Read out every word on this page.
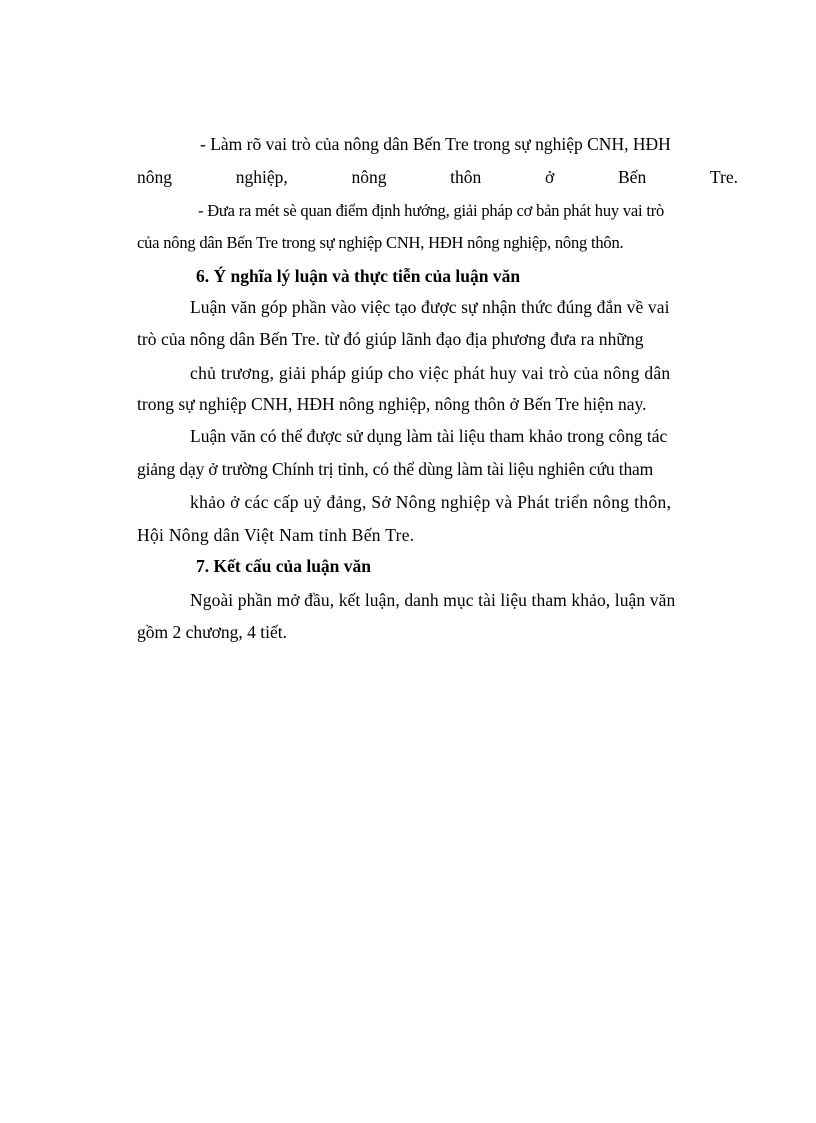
- Làm rõ vai trò của nông dân Bến Tre trong sự nghiệp CNH, HĐH
nông	nghiệp,	nông	thôn	ở	Bến	Tre.
- Đưa ra mét sè quan điểm định hướng, giải pháp cơ bản phát huy vai trò
của nông dân Bến Tre trong sự nghiệp CNH, HĐH nông nghiệp, nông thôn.
6. Ý nghĩa lý luận và thực tiễn của luận văn
Luận văn góp phần vào việc tạo được sự nhận thức đúng đắn về vai
trò của nông dân Bến Tre. từ đó giúp lãnh đạo địa phương đưa ra những
chủ trương, giải pháp giúp cho việc phát huy vai trò của nông dân
trong sự nghiệp CNH, HĐH nông nghiệp, nông thôn ở Bến Tre hiện nay.
Luận văn có thể được sử dụng làm tài liệu tham khảo trong công tác
giảng dạy ở trường Chính trị tỉnh, có thể dùng làm tài liệu nghiên cứu tham
khảo ở các cấp uỷ đảng, Sở Nông nghiệp và Phát triển nông thôn,
Hội Nông dân Việt Nam tỉnh Bến Tre.
7. Kết cấu của luận văn
Ngoài phần mở đầu, kết luận, danh mục tài liệu tham khảo, luận văn
gồm 2 chương, 4 tiết.
